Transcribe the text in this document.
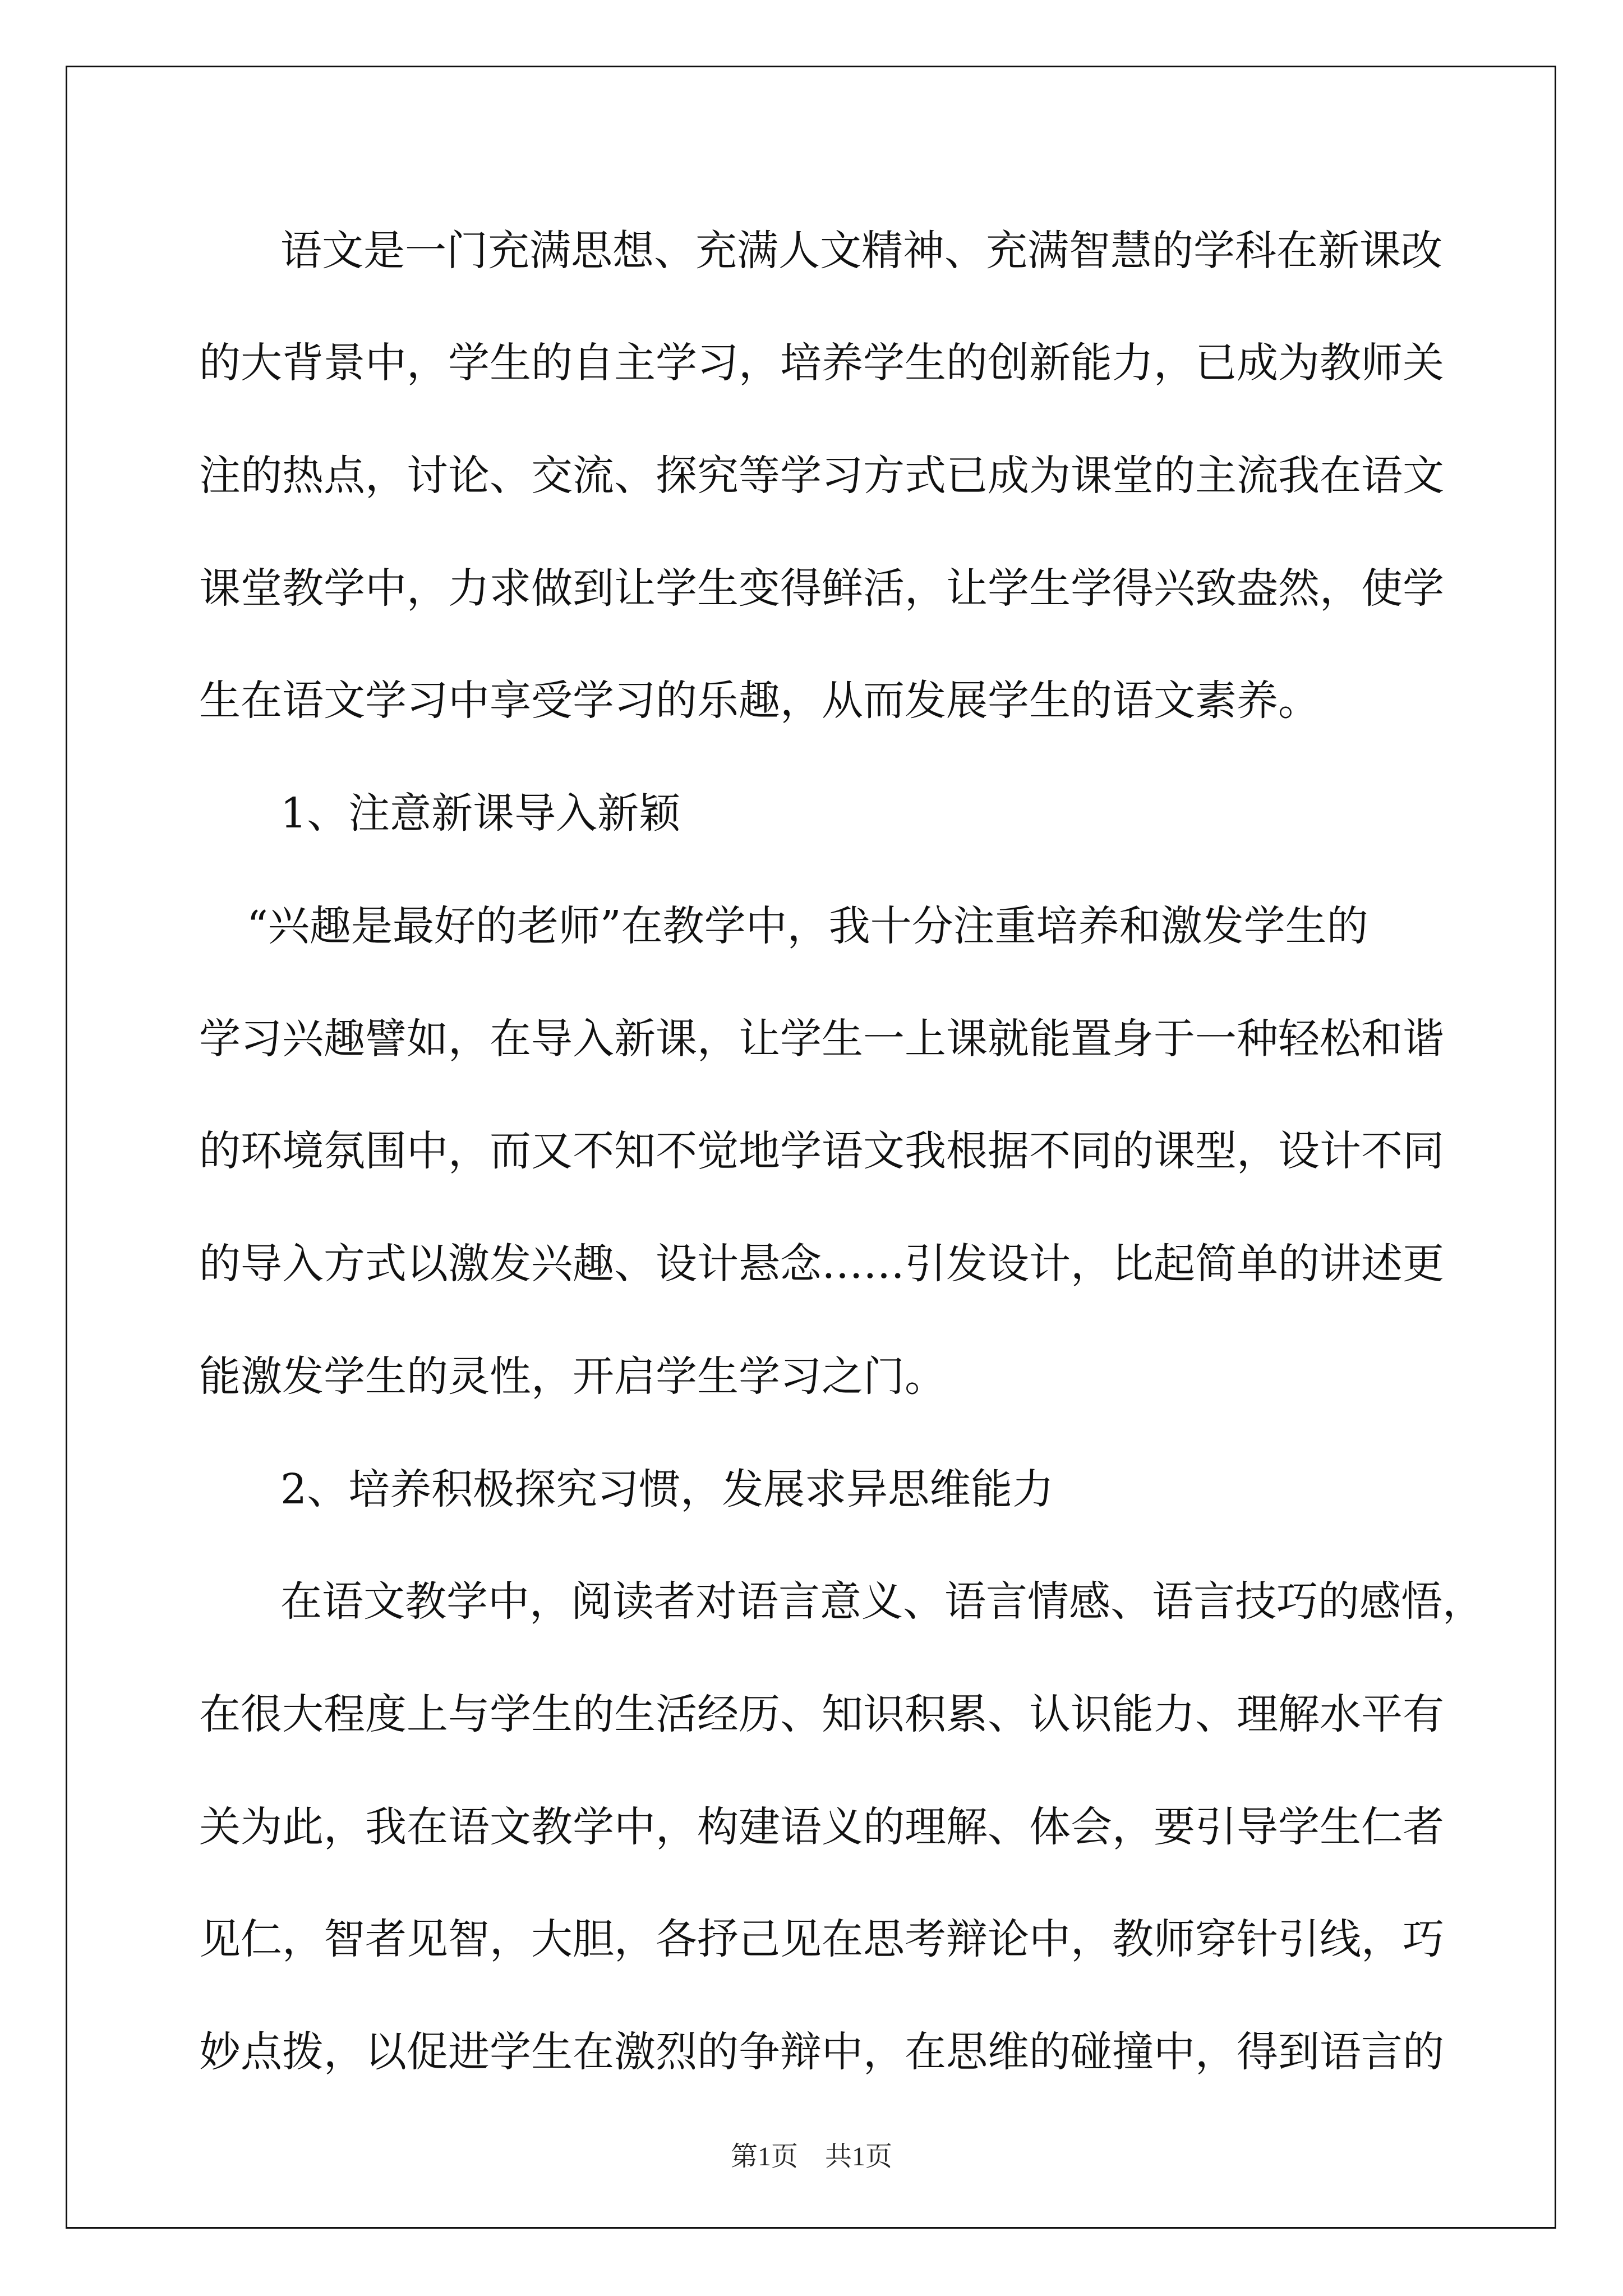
语文是一门充满思想、充满人文精神、充满智慧的学科在新课改
的大背景中，学生的自主学习，培养学生的创新能力，已成为教师关
注的热点，讨论、交流、探究等学习方式已成为课堂的主流我在语文
课堂教学中，力求做到让学生变得鲜活，让学生学得兴致盎然，使学
生在语文学习中享受学习的乐趣，从而发展学生的语文素养。
1、注意新课导入新颖
“兴趣是最好的老师”在教学中，我十分注重培养和激发学生的
学习兴趣譬如，在导入新课，让学生一上课就能置身于一种轻松和谐
的环境氛围中，而又不知不觉地学语文我根据不同的课型，设计不同
的导入方式以激发兴趣、设计悬念……引发设计，比起简单的讲述更
能激发学生的灵性，开启学生学习之门。
2、培养积极探究习惯，发展求异思维能力
在语文教学中，阅读者对语言意义、语言情感、语言技巧的感悟，
在很大程度上与学生的生活经历、知识积累、认识能力、理解水平有
关为此，我在语文教学中，构建语义的理解、体会，要引导学生仁者
见仁，智者见智，大胆，各抒己见在思考辩论中，教师穿针引线，巧
妙点拨，以促进学生在激烈的争辩中，在思维的碰撞中，得到语言的
第1页　共1页
